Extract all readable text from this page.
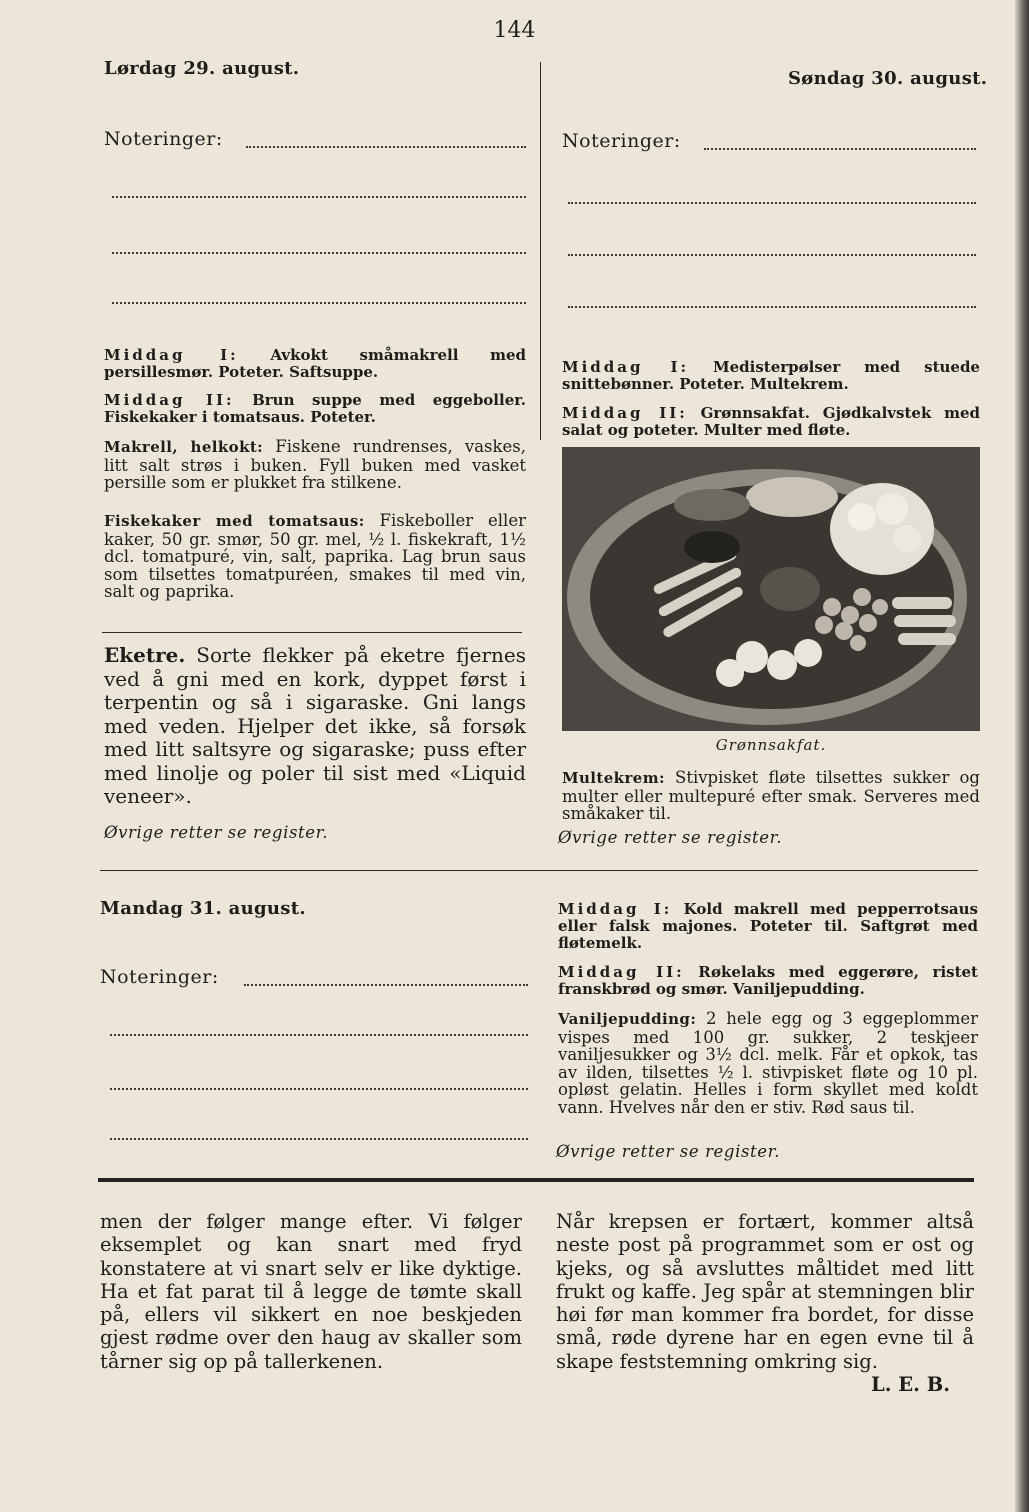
144
Lørdag 29. august.
Noteringer:
Middag I: Avkokt småmakrell med persillesmør. Poteter. Saftsuppe.
Middag II: Brun suppe med eggeboller. Fiskekaker i tomatsaus. Poteter.
Makrell, helkokt: Fiskene rundrenses, vaskes, litt salt strøs i buken. Fyll buken med vasket persille som er plukket fra stilkene.
Fiskekaker med tomatsaus: Fiskeboller eller kaker, 50 gr. smør, 50 gr. mel, ½ l. fiskekraft, 1½ dcl. tomatpuré, vin, salt, paprika. Lag brun saus som tilsettes tomatpuréen, smakes til med vin, salt og paprika.
Eketre. Sorte flekker på eketre fjernes ved å gni med en kork, dyppet først i terpentin og så i sigaraske. Gni langs med veden. Hjelper det ikke, så forsøk med litt saltsyre og sigaraske; puss efter med linolje og poler til sist med «Liquid veneer».
Øvrige retter se register.
Søndag 30. august.
Noteringer:
Middag I: Medisterpølser med stuede snittebønner. Poteter. Multekrem.
Middag II: Grønnsakfat. Gjødkalvstek med salat og poteter. Multer med fløte.
Grønnsakfat.
Multekrem: Stivpisket fløte tilsettes sukker og multer eller multepuré efter smak. Serveres med småkaker til.
Øvrige retter se register.
Mandag 31. august.
Noteringer:
Middag I: Kold makrell med pepperrotsaus eller falsk majones. Poteter til. Saftgrøt med fløtemelk.
Middag II: Røkelaks med eggerøre, ristet franskbrød og smør. Vaniljepudding.
Vaniljepudding: 2 hele egg og 3 eggeplommer vispes med 100 gr. sukker, 2 teskjeer vaniljesukker og 3½ dcl. melk. Får et opkok, tas av ilden, tilsettes ½ l. stivpisket fløte og 10 pl. opløst gelatin. Helles i form skyllet med koldt vann. Hvelves når den er stiv. Rød saus til.
Øvrige retter se register.
men der følger mange efter. Vi følger eksemplet og kan snart med fryd konstatere at vi snart selv er like dyktige. Ha et fat parat til å legge de tømte skall på, ellers vil sikkert en noe beskjeden gjest rødme over den haug av skaller som tårner sig op på tallerkenen.
Når krepsen er fortært, kommer altså neste post på programmet som er ost og kjeks, og så avsluttes måltidet med litt frukt og kaffe. Jeg spår at stemningen blir høi før man kommer fra bordet, for disse små, røde dyrene har en egen evne til å skape feststemning omkring sig.
L. E. B.
